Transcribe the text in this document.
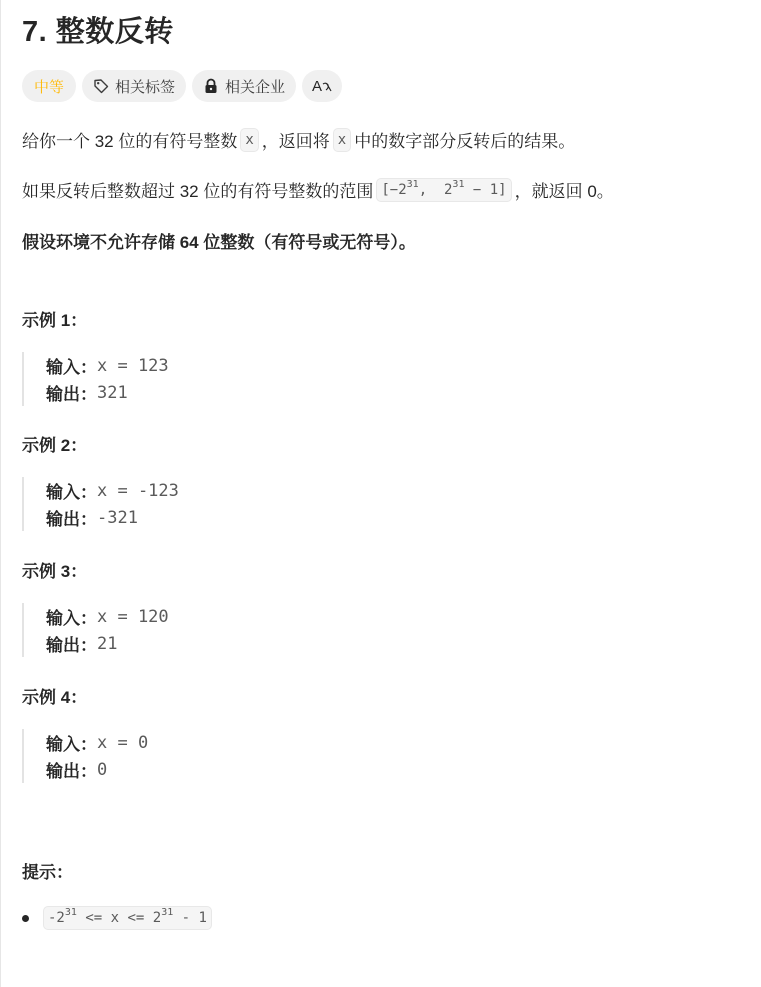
7. 整数反转
中等	相关标签	相关企业 A
给你一个 32 位的有符号整数 x ，返回将 x 中的数字部分反转后的结果。
如果反转后整数超过 32 位的有符号整数的范围 [$-2^{31}$,  $2^{31} - 1$] ，就返回 0。
假设环境不允许存储 64 位整数（有符号或无符号）。
示例 1：
输入： x = 123
输出： 321
示例 2：
输入： x = -123
输出： -321
示例 3：
输入： x = 120
输出： 21
示例 4：
输入： x = 0
输出： 0
提示：
$-2^{31} <= x <= 2^{31} - 1$
